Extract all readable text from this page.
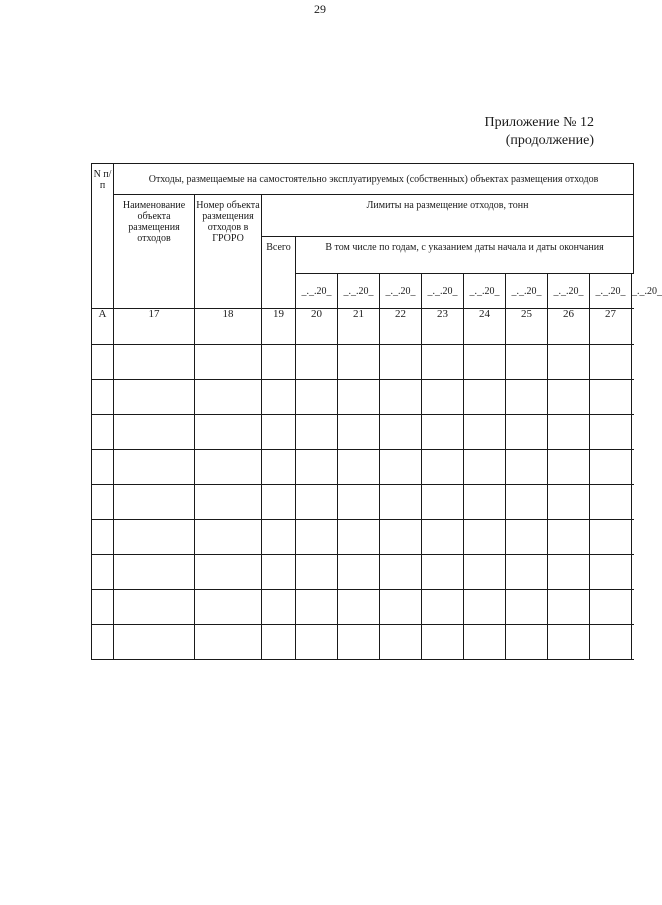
29
Приложение № 12
(продолжение)
N п/п	Отходы, размещаемые на самостоятельно эксплуатируемых (собственных) объектах размещения отходов											
	Наименование объекта размещения отходов	Номер объекта размещения отходов в ГРОРО	Лимиты на размещение отходов, тонн									
			Всего	В том числе по годам, с указанием даты начала и даты окончания								
				_._.20_	_._.20_	_._.20_	_._.20_	_._.20_	_._.20_	_._.20_	_._.20_	_._.20_
А	17	18	19	20	21	22	23	24	25	26	27	
